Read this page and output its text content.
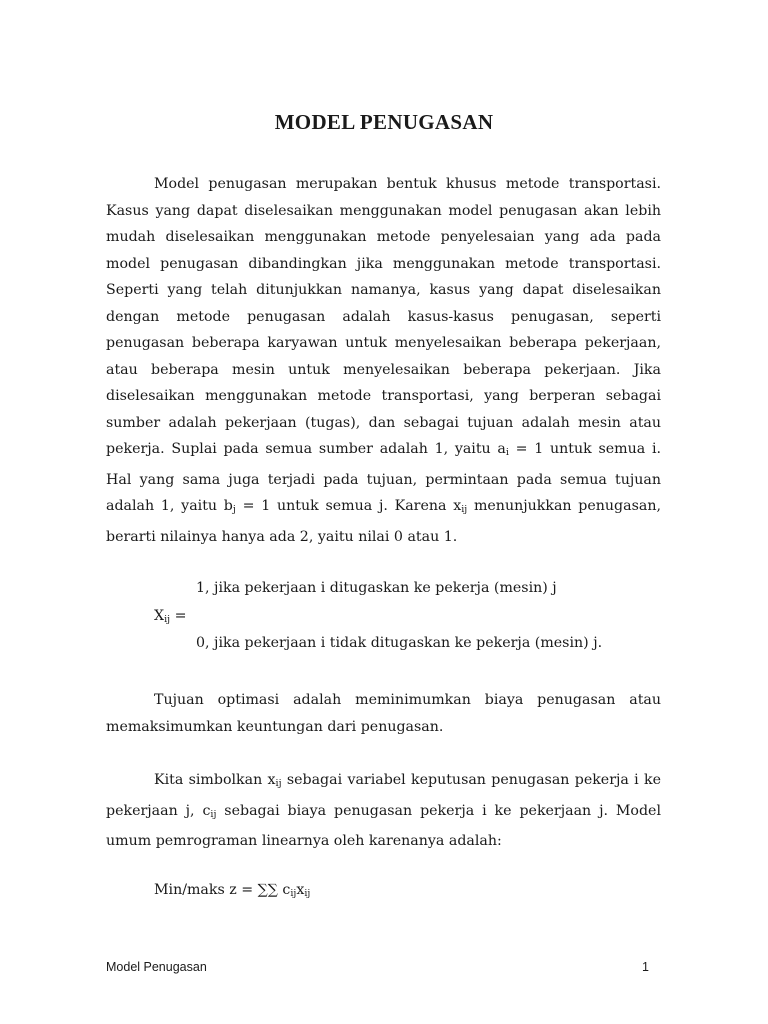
MODEL PENUGASAN

Model penugasan merupakan bentuk khusus metode transportasi. Kasus yang dapat diselesaikan menggunakan model penugasan akan lebih mudah diselesaikan menggunakan metode penyelesaian yang ada pada model penugasan dibandingkan jika menggunakan metode transportasi. Seperti yang telah ditunjukkan namanya, kasus yang dapat diselesaikan dengan metode penugasan adalah kasus-kasus penugasan, seperti penugasan beberapa karyawan untuk menyelesaikan beberapa pekerjaan, atau beberapa mesin untuk menyelesaikan beberapa pekerjaan. Jika diselesaikan menggunakan metode transportasi, yang berperan sebagai sumber adalah pekerjaan (tugas), dan sebagai tujuan adalah mesin atau pekerja. Suplai pada semua sumber adalah 1, yaitu $a_i = 1$ untuk semua i. Hal yang sama juga terjadi pada tujuan, permintaan pada semua tujuan adalah 1, yaitu $b_j = 1$ untuk semua j. Karena $x_{ij}$ menunjukkan penugasan, berarti nilainya hanya ada 2, yaitu nilai 0 atau 1.

1, jika pekerjaan i ditugaskan ke pekerja (mesin) j
$X_{ij}$ =
0, jika pekerjaan i tidak ditugaskan ke pekerja (mesin) j.

Tujuan optimasi adalah meminimumkan biaya penugasan atau memaksimumkan keuntungan dari penugasan.

Kita simbolkan $x_{ij}$ sebagai variabel keputusan penugasan pekerja i ke pekerjaan j, $c_{ij}$ sebagai biaya penugasan pekerja i ke pekerjaan j. Model umum pemrograman linearnya oleh karenanya adalah:

Min/maks z = ∑∑ $c_{ij}x_{ij}$
Model Penugasan	1
